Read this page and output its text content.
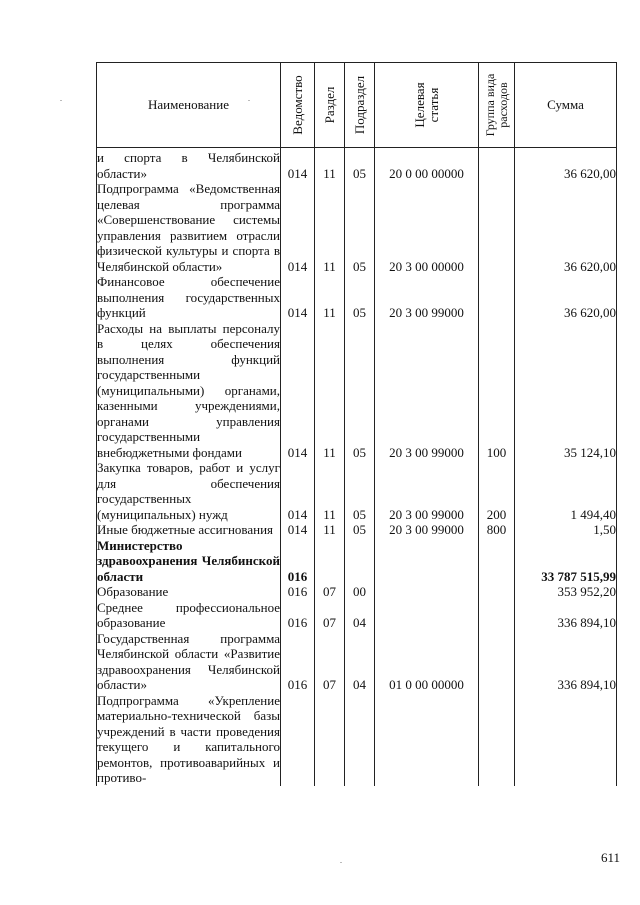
Наименование	Ведомство	Раздел	Подраздел	Целевая статья	Группа вида расходов	Сумма
и спорта в Челябинской области»	014	11	05	20 0 00 00000		36 620,00
Подпрограмма «Ведомственная целевая программа «Совершенствование системы управления развитием отрасли физической культуры и спорта в Челябинской области»	014	11	05	20 3 00 00000		36 620,00
Финансовое обеспечение выполнения государственных функций	014	11	05	20 3 00 99000		36 620,00
Расходы на выплаты персоналу в целях обеспечения выполнения функций государственными (муниципальными) органами, казенными учреждениями, органами управления государственными внебюджетными фондами	014	11	05	20 3 00 99000	100	35 124,10
Закупка товаров, работ и услуг для обеспечения государственных (муниципальных) нужд	014	11	05	20 3 00 99000	200	1 494,40
Иные бюджетные ассигнования	014	11	05	20 3 00 99000	800	1,50
Министерство здравоохранения Челябинской области	016					33 787 515,99
Образование	016	07	00			353 952,20
Среднее профессиональное образование	016	07	04			336 894,10
Государственная программа Челябинской области «Развитие здравоохранения Челябинской области»	016	07	04	01 0 00 00000		336 894,10
Подпрограмма «Укрепление материально-технической базы учреждений в части проведения текущего и капитального ремонтов, противоаварийных и противо-						
611
